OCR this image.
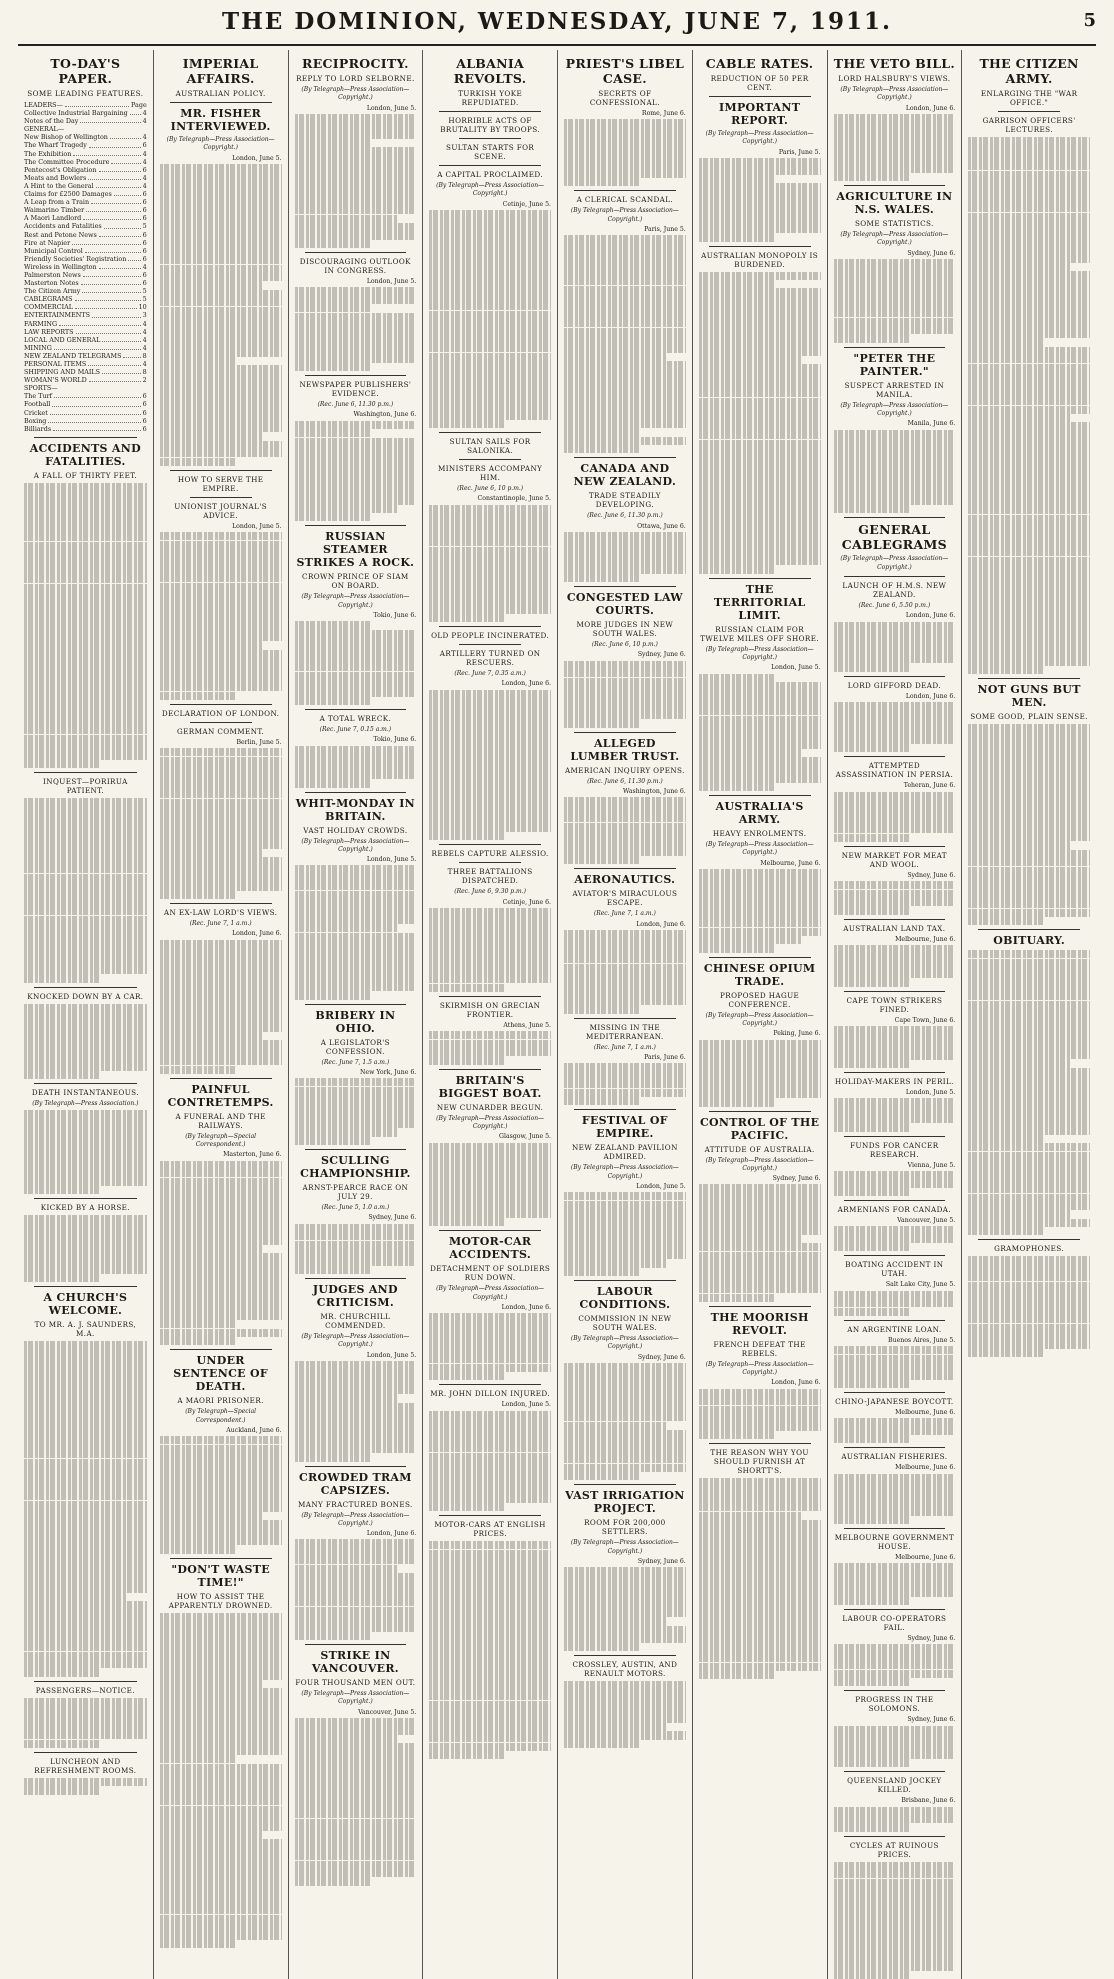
THE DOMINION, WEDNESDAY, JUNE 7, 1911.	5
TO-DAY'S PAPER.
SOME LEADING FEATURES.
LEADERS—	Page
Collective Industrial Bargaining 4
Notes of the Day	4
GENERAL—
New Bishop of Wellington	4
The Wharf Tragedy	6
The Exhibition	4
The Committee Procedure	4
Pentecost's Obligation	6
Meats and Bowlers	4
A Hint to the General	4
Claims for £2500 Damages	6
A Leap from a Train	6
Waimarino Timber	6
A Maori Landlord	6
Accidents and Fatalities	5
Rest and Petone News	6
Fire at Napier	6
Municipal Control	6
Friendly Societies' Registration	6
Wireless in Wellington	4
Palmerston News	6
Masterton Notes	6
The Citizen Army	5
CABLEGRAMS	5
COMMERCIAL	10
ENTERTAINMENTS	3
FARMING	4
LAW REPORTS	4
LOCAL AND GENERAL	4
MINING	4
NEW ZEALAND TELEGRAMS	8
PERSONAL ITEMS	4
SHIPPING AND MAILS	8
WOMAN'S WORLD	2
SPORTS—
The Turf	6
Football	6
Cricket	6
Boxing	6
Billiards	6
ACCIDENTS AND FATALITIES.
A FALL OF THIRTY FEET.
INQUEST—PORIRUA PATIENT.
KNOCKED DOWN BY A CAR.
DEATH INSTANTANEOUS.
(By Telegraph—Press Association.)
KICKED BY A HORSE.
A CHURCH'S WELCOME.
TO MR. A. J. SAUNDERS, M.A.
PASSENGERS—NOTICE.
LUNCHEON AND REFRESHMENT ROOMS.
IMPERIAL AFFAIRS.
AUSTRALIAN POLICY.
MR. FISHER INTERVIEWED.
(By Telegraph—Press Association—Copyright.)
London, June 5.
HOW TO SERVE THE EMPIRE.
UNIONIST JOURNAL'S ADVICE.
London, June 5.
DECLARATION OF LONDON.
GERMAN COMMENT.
Berlin, June 5.
AN EX-LAW LORD'S VIEWS.
(Rec. June 7, 1 a.m.)
London, June 6.
PAINFUL CONTRETEMPS.
A FUNERAL AND THE RAILWAYS.
(By Telegraph—Special Correspondent.)
Masterton, June 6.
UNDER SENTENCE OF DEATH.
A MAORI PRISONER.
(By Telegraph—Special Correspondent.)
Auckland, June 6.
"DON'T WASTE TIME!"
HOW TO ASSIST THE APPARENTLY DROWNED.
RECIPROCITY.
REPLY TO LORD SELBORNE.
(By Telegraph—Press Association—Copyright.)
London, June 5.
DISCOURAGING OUTLOOK IN CONGRESS.
London, June 5.
NEWSPAPER PUBLISHERS' EVIDENCE.
(Rec. June 6, 11.30 p.m.)
Washington, June 6.
RUSSIAN STEAMER STRIKES A ROCK.
CROWN PRINCE OF SIAM ON BOARD.
(By Telegraph—Press Association—Copyright.)
Tokio, June 6.
A TOTAL WRECK.
(Rec. June 7, 0.15 a.m.)
Tokio, June 6.
WHIT-MONDAY IN BRITAIN.
VAST HOLIDAY CROWDS.
(By Telegraph—Press Association—Copyright.)
London, June 5.
BRIBERY IN OHIO.
A LEGISLATOR'S CONFESSION.
(Rec. June 7, 1.5 a.m.)
New York, June 6.
SCULLING CHAMPIONSHIP.
ARNST-PEARCE RACE ON JULY 29.
(Rec. June 5, 1.0 a.m.)
Sydney, June 6.
JUDGES AND CRITICISM.
MR. CHURCHILL COMMENDED.
(By Telegraph—Press Association—Copyright.)
London, June 5.
CROWDED TRAM CAPSIZES.
MANY FRACTURED BONES.
(By Telegraph—Press Association—Copyright.)
London, June 6.
STRIKE IN VANCOUVER.
FOUR THOUSAND MEN OUT.
(By Telegraph—Press Association—Copyright.)
Vancouver, June 5.
ALBANIA REVOLTS.
TURKISH YOKE REPUDIATED.
HORRIBLE ACTS OF BRUTALITY BY TROOPS.
SULTAN STARTS FOR SCENE.
A CAPITAL PROCLAIMED.
(By Telegraph—Press Association—Copyright.)
Cetinje, June 5.
SULTAN SAILS FOR SALONIKA.
MINISTERS ACCOMPANY HIM.
(Rec. June 6, 10 p.m.)
Constantinople, June 5.
OLD PEOPLE INCINERATED.
ARTILLERY TURNED ON RESCUERS.
(Rec. June 7, 0.35 a.m.)
London, June 6.
REBELS CAPTURE ALESSIO.
THREE BATTALIONS DISPATCHED.
(Rec. June 6, 9.30 p.m.)
Cetinje, June 6.
SKIRMISH ON GRECIAN FRONTIER.
Athens, June 5.
BRITAIN'S BIGGEST BOAT.
NEW CUNARDER BEGUN.
(By Telegraph—Press Association—Copyright.)
Glasgow, June 5.
MOTOR-CAR ACCIDENTS.
DETACHMENT OF SOLDIERS RUN DOWN.
(By Telegraph—Press Association—Copyright.)
London, June 6.
MR. JOHN DILLON INJURED.
London, June 5.
MOTOR-CARS AT ENGLISH PRICES.
PRIEST'S LIBEL CASE.
SECRETS OF CONFESSIONAL.
Rome, June 6.
A CLERICAL SCANDAL.
(By Telegraph—Press Association—Copyright.)
Paris, June 5.
CANADA AND NEW ZEALAND.
TRADE STEADILY DEVELOPING.
(Rec. June 6, 11.30 p.m.)
Ottawa, June 6.
CONGESTED LAW COURTS.
MORE JUDGES IN NEW SOUTH WALES.
(Rec. June 6, 10 p.m.)
Sydney, June 6.
ALLEGED LUMBER TRUST.
AMERICAN INQUIRY OPENS.
(Rec. June 6, 11.30 p.m.)
Washington, June 6.
AERONAUTICS.
AVIATOR'S MIRACULOUS ESCAPE.
(Rec. June 7, 1 a.m.)
London, June 6.
MISSING IN THE MEDITERRANEAN.
(Rec. June 7, 1 a.m.)
Paris, June 6.
FESTIVAL OF EMPIRE.
NEW ZEALAND PAVILION ADMIRED.
(By Telegraph—Press Association—Copyright.)
London, June 5.
LABOUR CONDITIONS.
COMMISSION IN NEW SOUTH WALES.
(By Telegraph—Press Association—Copyright.)
Sydney, June 6.
VAST IRRIGATION PROJECT.
ROOM FOR 200,000 SETTLERS.
(By Telegraph—Press Association—Copyright.)
Sydney, June 6.
CROSSLEY, AUSTIN, AND RENAULT MOTORS.
CABLE RATES.
REDUCTION OF 50 PER CENT.
IMPORTANT REPORT.
(By Telegraph—Press Association—Copyright.)
Paris, June 5.
AUSTRALIAN MONOPOLY IS BURDENED.
THE TERRITORIAL LIMIT.
RUSSIAN CLAIM FOR TWELVE MILES OFF SHORE.
(By Telegraph—Press Association—Copyright.)
London, June 5.
AUSTRALIA'S ARMY.
HEAVY ENROLMENTS.
(By Telegraph—Press Association—Copyright.)
Melbourne, June 6.
CHINESE OPIUM TRADE.
PROPOSED HAGUE CONFERENCE.
(By Telegraph—Press Association—Copyright.)
Peking, June 6.
CONTROL OF THE PACIFIC.
ATTITUDE OF AUSTRALIA.
(By Telegraph—Press Association—Copyright.)
Sydney, June 6.
THE MOORISH REVOLT.
FRENCH DEFEAT THE REBELS.
(By Telegraph—Press Association—Copyright.)
London, June 6.
THE REASON WHY YOU SHOULD FURNISH AT SHORTT'S.
THE VETO BILL.
LORD HALSBURY'S VIEWS.
(By Telegraph—Press Association—Copyright.)
London, June 6.
AGRICULTURE IN N.S. WALES.
SOME STATISTICS.
(By Telegraph—Press Association—Copyright.)
Sydney, June 6.
"PETER THE PAINTER."
SUSPECT ARRESTED IN MANILA.
(By Telegraph—Press Association—Copyright.)
Manila, June 6.
GENERAL CABLEGRAMS
(By Telegraph—Press Association—Copyright.)
LAUNCH OF H.M.S. NEW ZEALAND.
(Rec. June 6, 5.50 p.m.)
London, June 6.
LORD GIFFORD DEAD.
London, June 6.
ATTEMPTED ASSASSINATION IN PERSIA.
Teheran, June 6.
NEW MARKET FOR MEAT AND WOOL.
Sydney, June 6.
AUSTRALIAN LAND TAX.
Melbourne, June 6.
CAPE TOWN STRIKERS FINED.
Cape Town, June 6.
HOLIDAY-MAKERS IN PERIL.
London, June 5.
FUNDS FOR CANCER RESEARCH.
Vienna, June 5.
ARMENIANS FOR CANADA.
Vancouver, June 5.
BOATING ACCIDENT IN UTAH.
Salt Lake City, June 5.
AN ARGENTINE LOAN.
Buenos Aires, June 5.
CHINO-JAPANESE BOYCOTT.
Melbourne, June 6.
AUSTRALIAN FISHERIES.
Melbourne, June 6.
MELBOURNE GOVERNMENT HOUSE.
Melbourne, June 6.
LABOUR CO-OPERATORS FAIL.
Sydney, June 6.
PROGRESS IN THE SOLOMONS.
Sydney, June 6.
QUEENSLAND JOCKEY KILLED.
Brisbane, June 6.
CYCLES AT RUINOUS PRICES.
THE CITIZEN ARMY.
ENLARGING THE "WAR OFFICE."
GARRISON OFFICERS' LECTURES.
NOT GUNS BUT MEN.
SOME GOOD, PLAIN SENSE.
OBITUARY.
GRAMOPHONES.
